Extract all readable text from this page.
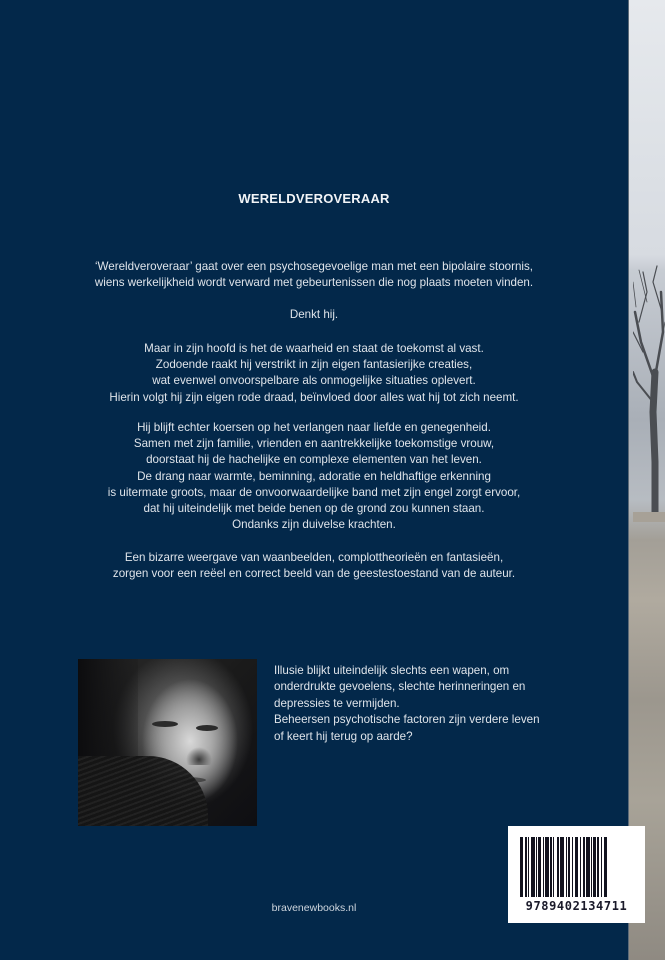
WERELDVEROVERAAR

‘Wereldveroveraar’ gaat over een psychosegevoelige man met een bipolaire stoornis,

wiens werkelijkheid wordt verward met gebeurtenissen die nog plaats moeten vinden.

Denkt hij.

Maar in zijn hoofd is het de waarheid en staat de toekomst al vast.

Zodoende raakt hij verstrikt in zijn eigen fantasierijke creaties,

wat evenwel onvoorspelbare als onmogelijke situaties oplevert.

Hierin volgt hij zijn eigen rode draad, beïnvloed door alles wat hij tot zich neemt.

Hij blijft echter koersen op het verlangen naar liefde en genegenheid.

Samen met zijn familie, vrienden en aantrekkelijke toekomstige vrouw,

doorstaat hij de hachelijke en complexe elementen van het leven.

De drang naar warmte, beminning, adoratie en heldhaftige erkenning

is uitermate groots, maar de onvoorwaardelijke band met zijn engel zorgt ervoor,

dat hij uiteindelijk met beide benen op de grond zou kunnen staan.

Ondanks zijn duivelse krachten.

Een bizarre weergave van waanbeelden, complottheorieën en fantasieën,

zorgen voor een reëel en correct beeld van de geestestoestand van de auteur.

Illusie blijkt uiteindelijk slechts een wapen, om

onderdrukte gevoelens, slechte herinneringen en

depressies te vermijden.

Beheersen psychotische factoren zijn verdere leven

of keert hij terug op aarde?

bravenewbooks.nl	9789402134711
